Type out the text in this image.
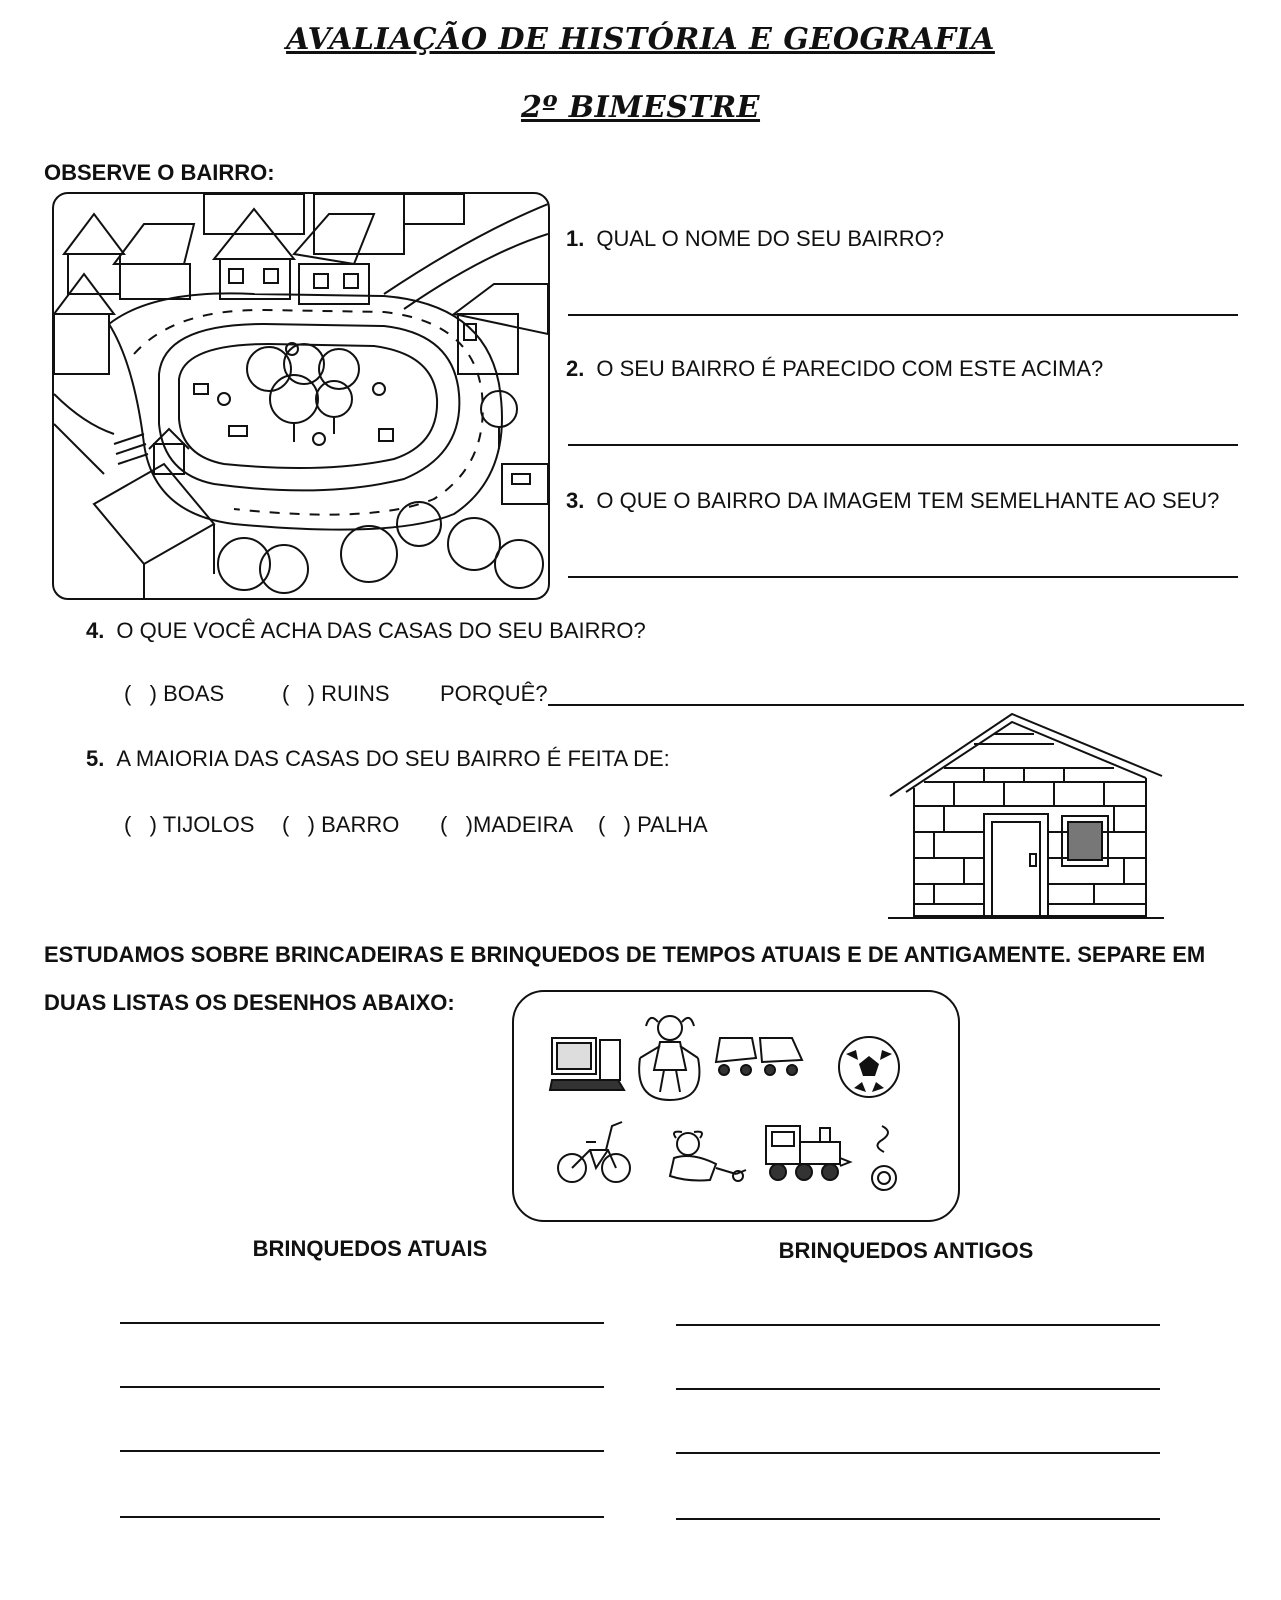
AVALIAÇÃO DE HISTÓRIA E GEOGRAFIA
2º BIMESTRE
OBSERVE O BAIRRO:
1. QUAL O NOME DO SEU BAIRRO?
2. O SEU BAIRRO É PARECIDO COM ESTE ACIMA?
3. O QUE O BAIRRO DA IMAGEM TEM SEMELHANTE AO SEU?
4. O QUE VOCÊ ACHA DAS CASAS DO SEU BAIRRO?
(   ) BOAS	(   ) RUINS PORQUÊ?
5. A MAIORIA DAS CASAS DO SEU BAIRRO É FEITA DE:
(   ) TIJOLOS (   ) BARRO (   )MADEIRA (   ) PALHA
ESTUDAMOS SOBRE BRINCADEIRAS E BRINQUEDOS DE TEMPOS ATUAIS E DE ANTIGAMENTE. SEPARE EM
DUAS LISTAS OS DESENHOS ABAIXO:
BRINQUEDOS ATUAIS	BRINQUEDOS ANTIGOS
